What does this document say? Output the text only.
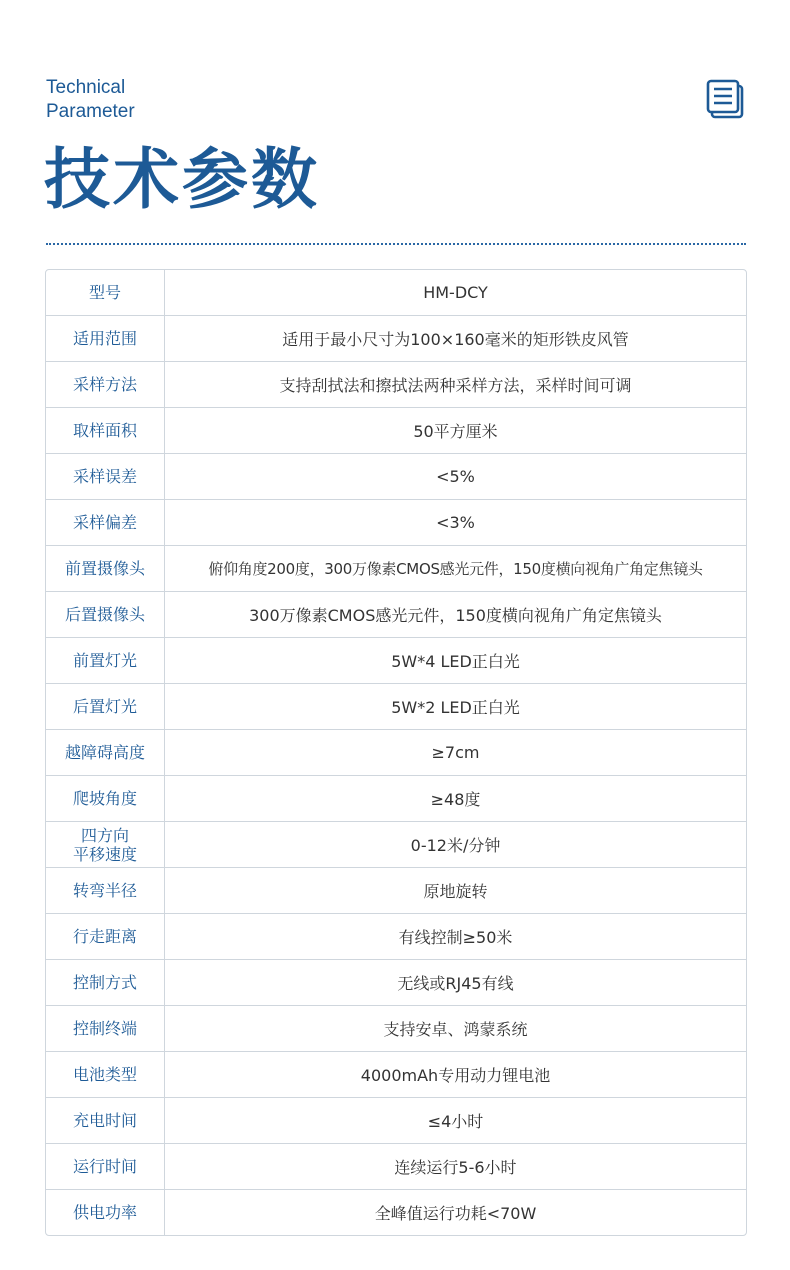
Technical
Parameter
技术参数
型号	HM-DCY
适用范围	适用于最小尺寸为100×160毫米的矩形铁皮风管
采样方法	支持刮拭法和擦拭法两种采样方法，采样时间可调
取样面积	50平方厘米
采样误差	<5%
采样偏差	<3%
前置摄像头	俯仰角度200度，300万像素CMOS感光元件，150度横向视角广角定焦镜头
后置摄像头	300万像素CMOS感光元件，150度横向视角广角定焦镜头
前置灯光	5W*4 LED正白光
后置灯光	5W*2 LED正白光
越障碍高度	≥7cm
爬坡角度	≥48度
四方向
平移速度	0-12米/分钟
转弯半径	原地旋转
行走距离	有线控制≥50米
控制方式	无线或RJ45有线
控制终端	支持安卓、鸿蒙系统
电池类型	4000mAh专用动力锂电池
充电时间	≤4小时
运行时间	连续运行5-6小时
供电功率	全峰值运行功耗<70W
